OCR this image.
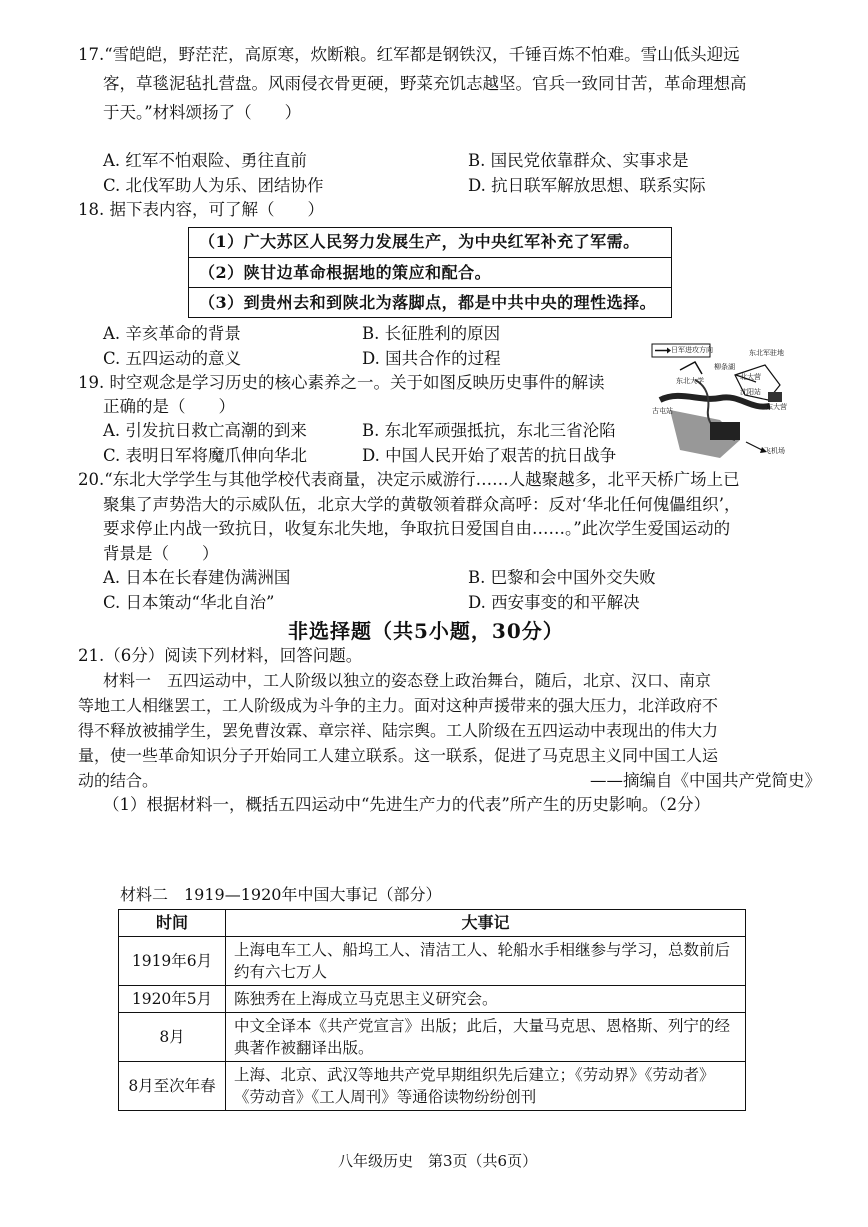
17.“雪皑皑，野茫茫，高原寒，炊断粮。红军都是钢铁汉，千锤百炼不怕难。雪山低头迎远
客，草毯泥毡扎营盘。风雨侵衣骨更硬，野菜充饥志越坚。官兵一致同甘苦，革命理想高
于天。”材料颂扬了（　　）
A. 红军不怕艰险、勇往直前	B. 国民党依靠群众、实事求是
C. 北伐军助人为乐、团结协作	D. 抗日联军解放思想、联系实际
18. 据下表内容，可了解（　　）
（1）广大苏区人民努力发展生产，为中央红军补充了军需。
（2）陕甘边革命根据地的策应和配合。
（3）到贵州去和到陕北为落脚点，都是中共中央的理性选择。
A. 辛亥革命的背景	B. 长征胜利的原因
C. 五四运动的意义	D. 国共合作的过程
19. 时空观念是学习历史的核心素养之一。关于如图反映历史事件的解读
正确的是（　　）
A. 引发抗日救亡高潮的到来	B. 东北军顽强抵抗，东北三省沦陷
C. 表明日军将魔爪伸向华北	D. 中国人民开始了艰苦的抗日战争
日军进攻方向	东北军驻地
东北大学
柳条湖
北大营
沈阳站
东大营
飞机场
古屯站
20.“东北大学学生与其他学校代表商量，决定示威游行……人越聚越多，北平天桥广场上已
聚集了声势浩大的示威队伍，北京大学的黄敬领着群众高呼：反对‘华北任何傀儡组织’，
要求停止内战一致抗日，收复东北失地，争取抗日爱国自由……。”此次学生爱国运动的
背景是（　　）
A. 日本在长春建伪满洲国	B. 巴黎和会中国外交失败
C. 日本策动“华北自治”	D. 西安事变的和平解决
非选择题（共5小题，30分）
21.（6分）阅读下列材料，回答问题。
材料一　五四运动中，工人阶级以独立的姿态登上政治舞台，随后，北京、汉口、南京
等地工人相继罢工，工人阶级成为斗争的主力。面对这种声援带来的强大压力，北洋政府不
得不释放被捕学生，罢免曹汝霖、章宗祥、陆宗舆。工人阶级在五四运动中表现出的伟大力
量，使一些革命知识分子开始同工人建立联系。这一联系，促进了马克思主义同中国工人运
动的结合。	——摘编自《中国共产党简史》
（1）根据材料一，概括五四运动中“先进生产力的代表”所产生的历史影响。（2分）
材料二　1919—1920年中国大事记（部分）
时间	大事记
1919年6月	上海电车工人、船坞工人、清洁工人、轮船水手相继参与学习，总数前后约有六七万人
1920年5月	陈独秀在上海成立马克思主义研究会。
8月	中文全译本《共产党宣言》出版；此后，大量马克思、恩格斯、列宁的经典著作被翻译出版。
8月至次年春	上海、北京、武汉等地共产党早期组织先后建立；《劳动界》《劳动者》《劳动音》《工人周刊》等通俗读物纷纷创刊
八年级历史　第3页（共6页）
